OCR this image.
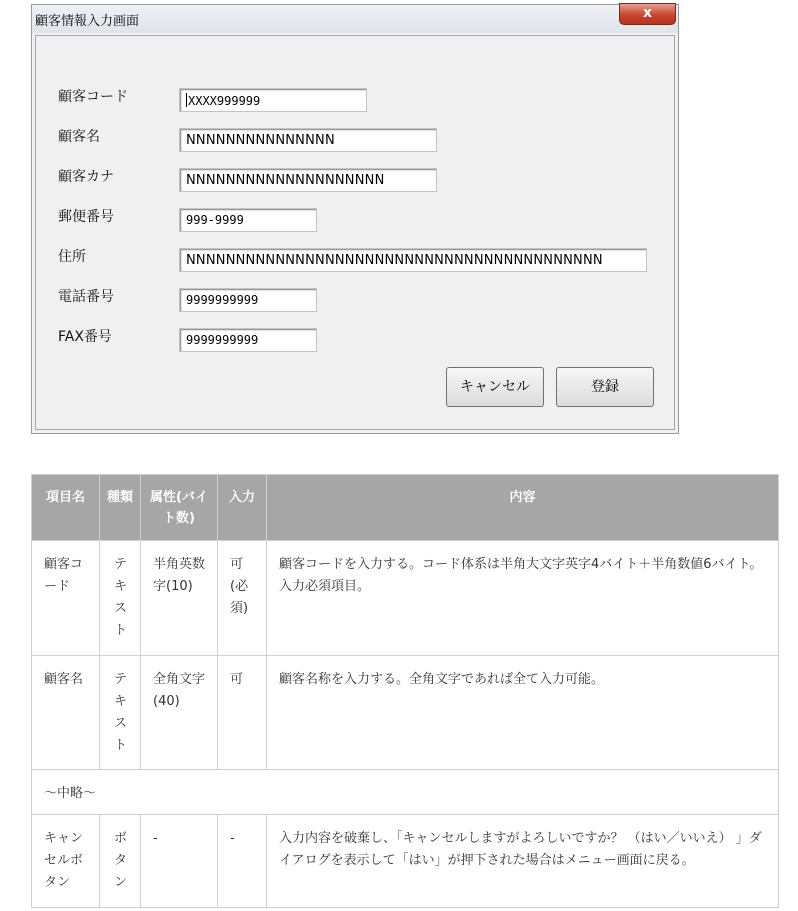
顧客情報入力画面
x
顧客コード	XXXX999999
顧客名	NNNNNNNNNNNNNNN
顧客カナ	NNNNNNNNNNNNNNNNNNNN
郵便番号	999-9999
住所	NNNNNNNNNNNNNNNNNNNNNNNNNNNNNNNNNNNNNNNNNN
電話番号	9999999999
FAX番号	9999999999
キャンセル	登録
項目名	種類	属性(バイト数)	入力	内容
顧客コード	テキスト	半角英数字(10)	可(必須)	顧客コードを入力する。コード体系は半角大文字英字4バイト＋半角数値6バイト。入力必須項目。
顧客名	テキスト	全角文字(40)	可	顧客名称を入力する。全角文字であれば全て入力可能。
～中略～				
キャンセルボタン	ボタン	-	-	入力内容を破棄し、「キャンセルしますがよろしいですか？ （はい／いいえ） 」ダイアログを表示して「はい」が押下された場合はメニュー画面に戻る。
